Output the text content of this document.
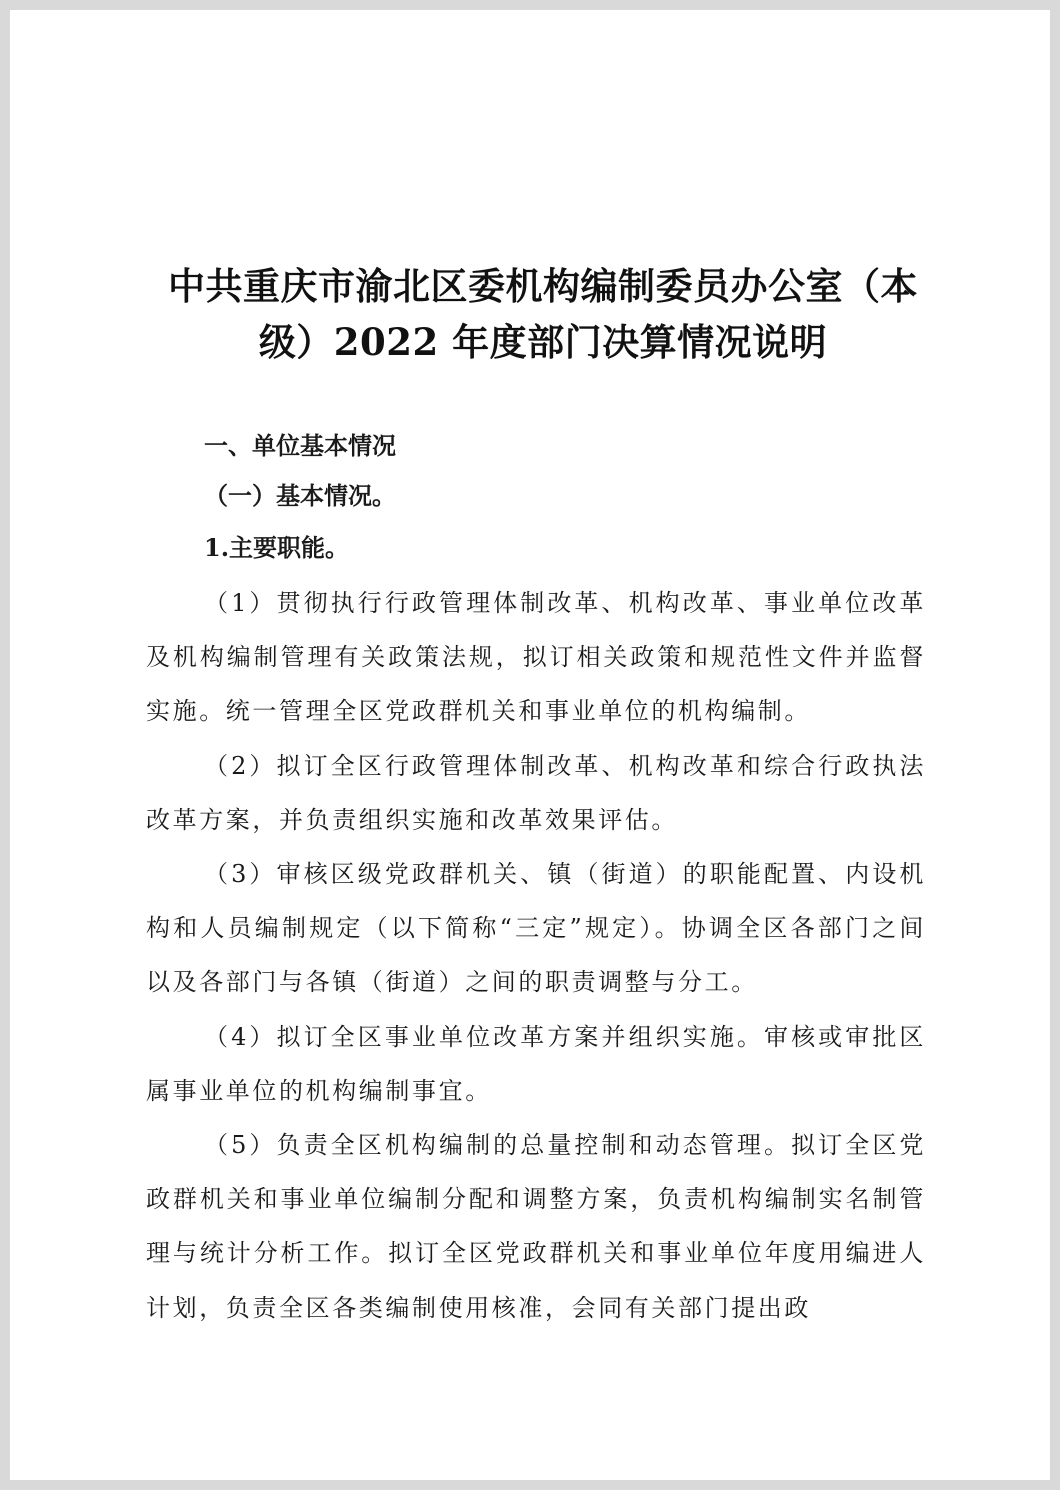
中共重庆市渝北区委机构编制委员办公室（本
级）2022 年度部门决算情况说明
一、单位基本情况
（一）基本情况。
1.主要职能。

（1）贯彻执行行政管理体制改革、机构改革、事业单位改革及机构编制管理有关政策法规，拟订相关政策和规范性文件并监督实施。统一管理全区党政群机关和事业单位的机构编制。

（2）拟订全区行政管理体制改革、机构改革和综合行政执法改革方案，并负责组织实施和改革效果评估。

（3）审核区级党政群机关、镇（街道）的职能配置、内设机构和人员编制规定（以下简称“三定”规定）。协调全区各部门之间以及各部门与各镇（街道）之间的职责调整与分工。

（4）拟订全区事业单位改革方案并组织实施。审核或审批区属事业单位的机构编制事宜。

（5）负责全区机构编制的总量控制和动态管理。拟订全区党政群机关和事业单位编制分配和调整方案，负责机构编制实名制管理与统计分析工作。拟订全区党政群机关和事业单位年度用编进人计划，负责全区各类编制使用核准，会同有关部门提出政
